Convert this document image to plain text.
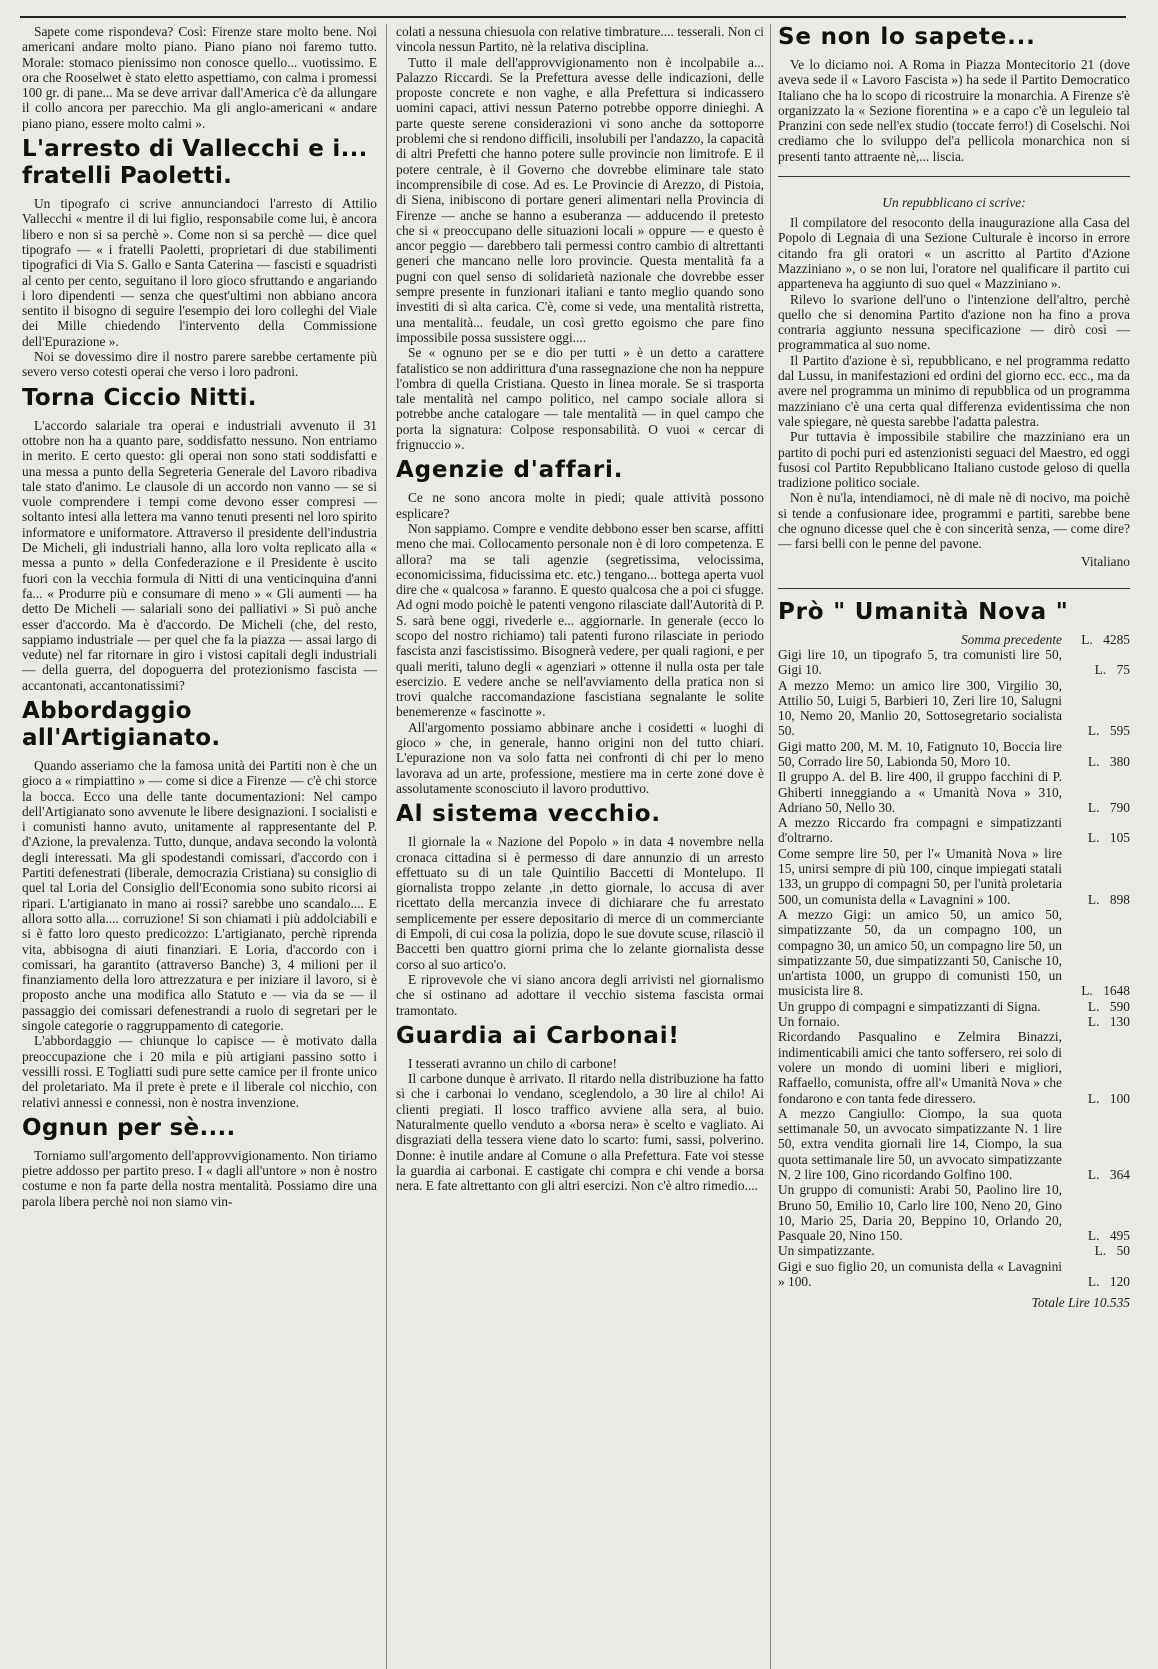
Sapete come rispondeva? Così: Firenze stare molto bene. Noi americani andare molto piano. Piano piano noi faremo tutto. Morale: stomaco pienissimo non conosce quello... vuotissimo. E ora che Rooselwet è stato eletto aspettiamo, con calma i promessi 100 gr. di pane... Ma se deve arrivar dall'America c'è da allungare il collo ancora per parecchio. Ma gli anglo-americani « andare piano piano, essere molto calmi ».

L'arresto di Vallecchi e i... fratelli Paoletti.

Un tipografo ci scrive annunciandoci l'arresto di Attilio Vallecchi « mentre il di lui figlio, responsabile come lui, è ancora libero e non si sa perchè ». Come non si sa perchè — dice quel tipografo — « i fratelli Paoletti, proprietari di due stabilimenti tipografici di Via S. Gallo e Santa Caterina — fascisti e squadristi al cento per cento, seguitano il loro gioco sfruttando e angariando i loro dipendenti — senza che quest'ultimi non abbiano ancora sentito il bisogno di seguire l'esempio dei loro colleghi del Viale dei Mille chiedendo l'intervento della Commissione dell'Epurazione ».

Noi se dovessimo dire il nostro parere sarebbe certamente più severo verso cotesti operai che verso i loro padroni.

Torna Ciccio Nitti.

L'accordo salariale tra operai e industriali avvenuto il 31 ottobre non ha a quanto pare, soddisfatto nessuno. Non entriamo in merito. E certo questo: gli operai non sono stati soddisfatti e una messa a punto della Segreteria Generale del Lavoro ribadiva tale stato d'animo. Le clausole di un accordo non vanno — se si vuole comprendere i tempi come devono esser compresi — soltanto intesi alla lettera ma vanno tenuti presenti nel loro spirito informatore e uniformatore. Attraverso il presidente dell'industria De Micheli, gli industriali hanno, alla loro volta replicato alla « messa a punto » della Confederazione e il Presidente è uscito fuori con la vecchia formula di Nitti di una venticinquina d'anni fa... « Produrre più e consumare di meno » « Gli aumenti — ha detto De Micheli — salariali sono dei palliativi » Sì può anche esser d'accordo. Ma è d'accordo. De Micheli (che, del resto, sappiamo industriale — per quel che fa la piazza — assai largo di vedute) nel far ritornare in giro i vistosi capitali degli industriali — della guerra, del dopoguerra del protezionismo fascista — accantonati, accantonatissimi?

Abbordaggio all'Artigianato.

Quando asseriamo che la famosa unità dei Partiti non è che un gioco a « rimpiattino » — come si dice a Firenze — c'è chi storce la bocca. Ecco una delle tante documentazioni: Nel campo dell'Artigianato sono avvenute le libere designazioni. I socialisti e i comunisti hanno avuto, unitamente al rappresentante del P. d'Azione, la prevalenza. Tutto, dunque, andava secondo la volontà degli interessati. Ma gli spodestandi comissari, d'accordo con i Partiti defenestrati (liberale, democrazia Cristiana) su consiglio di quel tal Loria del Consiglio dell'Economia sono subito ricorsi ai ripari. L'artigianato in mano ai rossi? sarebbe uno scandalo.... E allora sotto alla.... corruzione! Si son chiamati i più addolciabili e si è fatto loro questo predicozzo: L'artigianato, perchè riprenda vita, abbisogna di aiuti finanziari. E Loria, d'accordo con i comissari, ha garantito (attraverso Banche) 3, 4 milioni per il finanziamento della loro attrezzatura e per iniziare il lavoro, si è proposto anche una modifica allo Statuto e — via da se — il passaggio dei comissari defenestrandi a ruolo di segretari per le singole categorie o raggruppamento di categorie.

L'abbordaggio — chiunque lo capisce — è motivato dalla preoccupazione che i 20 mila e più artigiani passino sotto i vessilli rossi. E Togliatti sudi pure sette camice per il fronte unico del proletariato. Ma il prete è prete e il liberale col nicchio, con relativi annessi e connessi, non è nostra invenzione.

Ognun per sè....

Torniamo sull'argomento dell'approvvigionamento. Non tiriamo pietre addosso per partito preso. I « dagli all'untore » non è nostro costume e non fa parte della nostra mentalità. Possiamo dire una parola libera perchè noi non siamo vin-

colati a nessuna chiesuola con relative timbrature.... tesserali. Non ci vincola nessun Partito, nè la relativa disciplina.

Tutto il male dell'approvvigionamento non è incolpabile a... Palazzo Riccardi. Se la Prefettura avesse delle indicazioni, delle proposte concrete e non vaghe, e alla Prefettura si indicassero uomini capaci, attivi nessun Paterno potrebbe opporre dinieghi. A parte queste serene considerazioni vi sono anche da sottoporre problemi che si rendono difficili, insolubili per l'andazzo, la capacità di altri Prefetti che hanno potere sulle provincie non limitrofe. E il potere centrale, è il Governo che dovrebbe eliminare tale stato incomprensibile di cose. Ad es. Le Provincie di Arezzo, di Pistoia, di Siena, inibiscono di portare generi alimentari nella Provincia di Firenze — anche se hanno a esuberanza — adducendo il pretesto che si « preoccupano delle situazioni locali » oppure — e questo è ancor peggio — darebbero tali permessi contro cambio di altrettanti generi che mancano nelle loro provincie. Questa mentalità fa a pugni con quel senso di solidarietà nazionale che dovrebbe esser sempre presente in funzionari italiani e tanto meglio quando sono investiti di sì alta carica. C'è, come si vede, una mentalità ristretta, una mentalità... feudale, un così gretto egoismo che pare fino impossibile possa sussistere oggi....

Se « ognuno per se e dio per tutti » è un detto a carattere fatalistico se non addirittura d'una rassegnazione che non ha neppure l'ombra di quella Cristiana. Questo in linea morale. Se si trasporta tale mentalità nel campo politico, nel campo sociale allora si potrebbe anche catalogare — tale mentalità — in quel campo che porta la signatura: Colpose responsabilità. O vuoi « cercar di frignuccio ».

Agenzie d'affari.

Ce ne sono ancora molte in piedi; quale attività possono esplicare?

Non sappiamo. Compre e vendite debbono esser ben scarse, affitti meno che mai. Collocamento personale non è di loro competenza. E allora? ma se tali agenzie (segretissima, velocissima, economicissima, fiducissima etc. etc.) tengano... bottega aperta vuol dire che « qualcosa » faranno. E questo qualcosa che a poi ci sfugge. Ad ogni modo poichè le patenti vengono rilasciate dall'Autorità di P. S. sarà bene oggi, rivederle e... aggiornarle. In generale (ecco lo scopo del nostro richiamo) tali patenti furono rilasciate in periodo fascista anzi fascistissimo. Bisognerà vedere, per quali ragioni, e per quali meriti, taluno degli « agenziari » ottenne il nulla osta per tale esercizio. E vedere anche se nell'avviamento della pratica non si trovi qualche raccomandazione fascistiana segnalante le solite benemerenze « fascinotte ».

All'argomento possiamo abbinare anche i cosidetti « luoghi di gioco » che, in generale, hanno origini non del tutto chiari. L'epurazione non va solo fatta nei confronti di chi per lo meno lavorava ad un arte, professione, mestiere ma in certe zone dove è assolutamente sconosciuto il lavoro produttivo.

Al sistema vecchio.

Il giornale la « Nazione del Popolo » in data 4 novembre nella cronaca cittadina si è permesso di dare annunzio di un arresto effettuato su di un tale Quintilio Baccetti di Montelupo. Il giornalista troppo zelante ,in detto giornale, lo accusa di aver ricettato della mercanzia invece di dichiarare che fu arrestato semplicemente per essere depositario di merce di un commerciante di Empoli, di cui cosa la polizia, dopo le sue dovute scuse, rilasciò il Baccetti ben quattro giorni prima che lo zelante giornalista desse corso al suo artico'o.

E riprovevole che vi siano ancora degli arrivisti nel giornalismo che si ostinano ad adottare il vecchio sistema fascista ormai tramontato.

Guardia ai Carbonai!

I tesserati avranno un chilo di carbone!

Il carbone dunque è arrivato. Il ritardo nella distribuzione ha fatto sì che i carbonai lo vendano, sceglendolo, a 30 lire al chilo! Ai clienti pregiati. Il losco traffico avviene alla sera, al buio. Naturalmente quello venduto a «borsa nera» è scelto e vagliato. Ai disgraziati della tessera viene dato lo scarto: fumi, sassi, polverino. Donne: è inutile andare al Comune o alla Prefettura. Fate voi stesse la guardia ai carbonai. E castigate chi compra e chi vende a borsa nera. E fate altrettanto con gli altri esercizi. Non c'è altro rimedio....

Se non lo sapete...

Ve lo diciamo noi. A Roma in Piazza Montecitorio 21 (dove aveva sede il « Lavoro Fascista ») ha sede il Partito Democratico Italiano che ha lo scopo di ricostruire la monarchia. A Firenze s'è organizzato la « Sezione fiorentina » e a capo c'è un leguleio tal Pranzini con sede nell'ex studio (toccate ferro!) di Coselschi. Noi crediamo che lo sviluppo del'a pellicola monarchica non si presenti tanto attraente nè,... liscia.

Un repubblicano ci scrive:

Il compilatore del resoconto della inaugurazione alla Casa del Popolo di Legnaia di una Sezione Culturale è incorso in errore citando fra gli oratori « un ascritto al Partito d'Azione Mazziniano », o se non lui, l'oratore nel qualificare il partito cui apparteneva ha aggiunto di suo quel « Mazziniano ».

Rilevo lo svarione dell'uno o l'intenzione dell'altro, perchè quello che si denomina Partito d'azione non ha fino a prova contraria aggiunto nessuna specificazione — dirò così — programmatica al suo nome.

Il Partito d'azione è sì, repubblicano, e nel programma redatto dal Lussu, in manifestazioni ed ordini del giorno ecc. ecc., ma da avere nel programma un minimo di repubblica od un programma mazziniano c'è una certa qual differenza evidentissima che non vale spiegare, nè questa sarebbe l'adatta palestra.

Pur tuttavia è impossibile stabilire che mazziniano era un partito di pochi puri ed astenzionisti seguaci del Maestro, ed oggi fusosi col Partito Repubblicano Italiano custode geloso di quella tradizione politico sociale.

Non è nu'la, intendiamoci, nè di male nè di nocivo, ma poichè si tende a confusionare idee, programmi e partiti, sarebbe bene che ognuno dicesse quel che è con sincerità senza, — come dire? — farsi belli con le penne del pavone.

Vitaliano

Prò " Umanità Nova "
Somma precedente	L. 4285
Gigi lire 10, un tipografo 5, tra comunisti lire 50, Gigi 10.	L. 75
A mezzo Memo: un amico lire 300, Virgilio 30, Attilio 50, Luigi 5, Barbieri 10, Zeri lire 10, Salugni 10, Nemo 20, Manlio 20, Sottosegretario socialista 50.	L. 595
Gigi matto 200, M. M. 10, Fatignuto 10, Boccia lire 50, Corrado lire 50, Labionda 50, Moro 10.	L. 380
Il gruppo A. del B. lire 400, il gruppo facchini di P. Ghiberti inneggiando a « Umanità Nova » 310, Adriano 50, Nello 30.	L. 790
A mezzo Riccardo fra compagni e simpatizzanti d'oltrarno.	L. 105
Come sempre lire 50, per l'« Umanità Nova » lire 15, unirsi sempre di più 100, cinque impiegati statali 133, un gruppo di compagni 50, per l'unità proletaria 500, un comunista della « Lavagnini » 100.	L. 898
A mezzo Gigi: un amico 50, un amico 50, simpatizzante 50, da un compagno 100, un compagno 30, un amico 50, un compagno lire 50, un simpatizzante 50, due simpatizzanti 50, Canische 10, un'artista 1000, un gruppo di comunisti 150, un musicista lire 8.	L. 1648
Un gruppo di compagni e simpatizzanti di Signa.	L. 590
Un fornaio.	L. 130
Ricordando Pasqualino e Zelmira Binazzi, indimenticabili amici che tanto soffersero, rei solo di volere un mondo di uomini liberi e migliori, Raffaello, comunista, offre all'« Umanità Nova » che fondarono e con tanta fede diressero.	L. 100
A mezzo Cangiullo: Ciompo, la sua quota settimanale 50, un avvocato simpatizzante N. 1 lire 50, extra vendita giornali lire 14, Ciompo, la sua quota settimanale lire 50, un avvocato simpatizzante N. 2 lire 100, Gino ricordando Golfino 100.	L. 364
Un gruppo di comunisti: Arabi 50, Paolino lire 10, Bruno 50, Emilio 10, Carlo lire 100, Neno 20, Gino 10, Mario 25, Daria 20, Beppino 10, Orlando 20, Pasquale 20, Nino 150.	L. 495
Un simpatizzante.	L. 50
Gigi e suo figlio 20, un comunista della « Lavagnini » 100.	L. 120
Totale Lire 10.535
